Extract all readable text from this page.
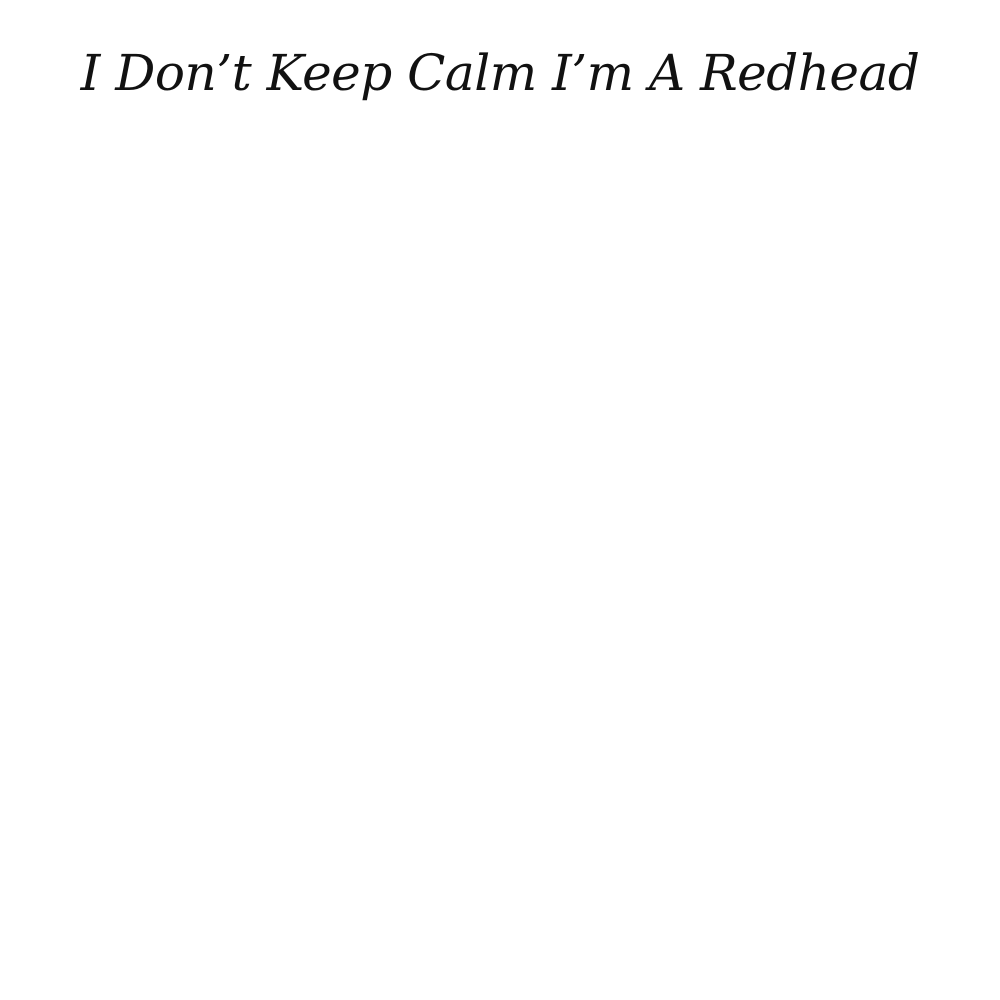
I Don’t Keep Calm I’m A Redhead
